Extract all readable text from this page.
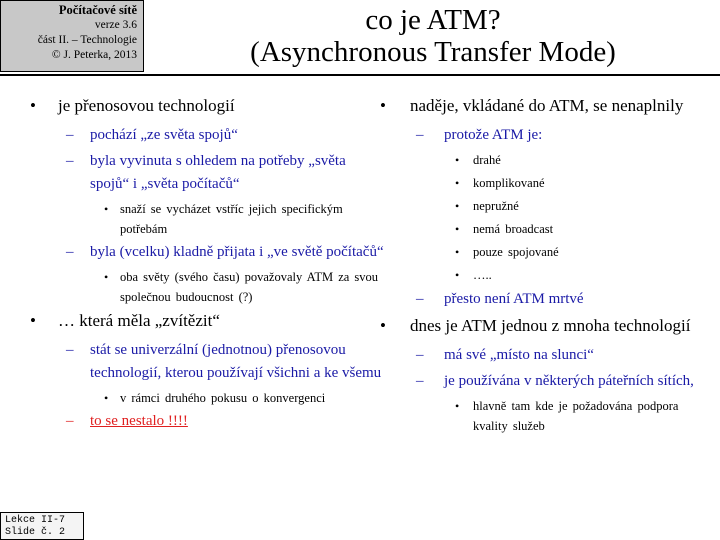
Počítačové sítě
verze 3.6
část II. – Technologie
© J. Peterka, 2013
co je ATM?
(Asynchronous Transfer Mode)
• je přenosovou technologií
– pochází „ze světa spojů“
– byla vyvinuta s ohledem na potřeby „světa spojů“ i „světa počítačů“
• snaží se vycházet vstříc jejich specifickým potřebám
– byla (vcelku) kladně přijata i „ve světě počítačů“
• oba světy (svého času) považovaly ATM za svou společnou budoucnost (?)
• … která měla „zvítězit“
– stát se univerzální (jednotnou) přenosovou technologií, kterou používají všichni a ke všemu
• v rámci druhého pokusu o konvergenci
– to se nestalo !!!!
• naděje, vkládané do ATM, se nenaplnily
– protože ATM je:
• drahé
• komplikované
• nepružné
• nemá broadcast
• pouze spojované
• …..
– přesto není ATM mrtvé
• dnes je ATM jednou z mnoha technologií
– má své „místo na slunci“
– je používána v některých páteřních sítích,
• hlavně tam kde je požadována podpora kvality služeb
Lekce II-7
Slide č. 2
